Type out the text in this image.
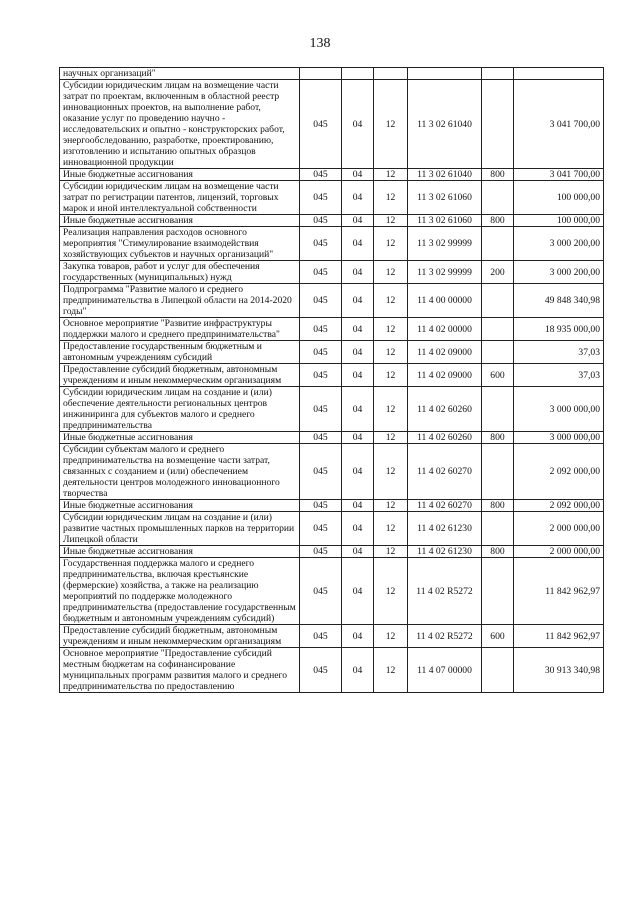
138
научных организаций"						
Субсидии юридическим лицам на возмещение части затрат по проектам, включенным в областной реестр инновационных проектов, на выполнение работ, оказание услуг по проведению научно - исследовательских и опытно - конструкторских работ, энергообследованию, разработке, проектированию, изготовлению и испытанию опытных образцов инновационной продукции	045	04	12	11 3 02 61040		3 041 700,00
Иные бюджетные ассигнования	045	04	12	11 3 02 61040	800	3 041 700,00
Субсидии юридическим лицам на возмещение части затрат по регистрации патентов, лицензий, торговых марок и иной интеллектуальной собственности	045	04	12	11 3 02 61060		100 000,00
Иные бюджетные ассигнования	045	04	12	11 3 02 61060	800	100 000,00
Реализация направления расходов основного мероприятия "Стимулирование взаимодействия хозяйствующих субъектов и научных организаций"	045	04	12	11 3 02 99999		3 000 200,00
Закупка товаров, работ и услуг для обеспечения государственных (муниципальных) нужд	045	04	12	11 3 02 99999	200	3 000 200,00
Подпрограмма "Развитие малого и среднего предпринимательства в Липецкой области на 2014-2020 годы"	045	04	12	11 4 00 00000		49 848 340,98
Основное мероприятие "Развитие инфраструктуры поддержки малого и среднего предпринимательства"	045	04	12	11 4 02 00000		18 935 000,00
Предоставление государственным бюджетным и автономным учреждениям субсидий	045	04	12	11 4 02 09000		37,03
Предоставление субсидий бюджетным, автономным учреждениям и иным некоммерческим организациям	045	04	12	11 4 02 09000	600	37,03
Субсидии юридическим лицам на создание и (или) обеспечение деятельности региональных центров инжиниринга для субъектов малого и среднего предпринимательства	045	04	12	11 4 02 60260		3 000 000,00
Иные бюджетные ассигнования	045	04	12	11 4 02 60260	800	3 000 000,00
Субсидии субъектам малого и среднего предпринимательства на возмещение части затрат, связанных с созданием и (или) обеспечением деятельности центров молодежного инновационного творчества	045	04	12	11 4 02 60270		2 092 000,00
Иные бюджетные ассигнования	045	04	12	11 4 02 60270	800	2 092 000,00
Субсидии юридическим лицам на создание и (или) развитие частных промышленных парков на территории Липецкой области	045	04	12	11 4 02 61230		2 000 000,00
Иные бюджетные ассигнования	045	04	12	11 4 02 61230	800	2 000 000,00
Государственная поддержка малого и среднего предпринимательства, включая крестьянские (фермерские) хозяйства, а также на реализацию мероприятий по поддержке молодежного предпринимательства (предоставление государственным бюджетным и автономным учреждениям субсидий)	045	04	12	11 4 02 R5272		11 842 962,97
Предоставление субсидий бюджетным, автономным учреждениям и иным некоммерческим организациям	045	04	12	11 4 02 R5272	600	11 842 962,97
Основное мероприятие "Предоставление субсидий местным бюджетам на софинансирование муниципальных программ развития малого и среднего предпринимательства по предоставлению	045	04	12	11 4 07 00000		30 913 340,98
